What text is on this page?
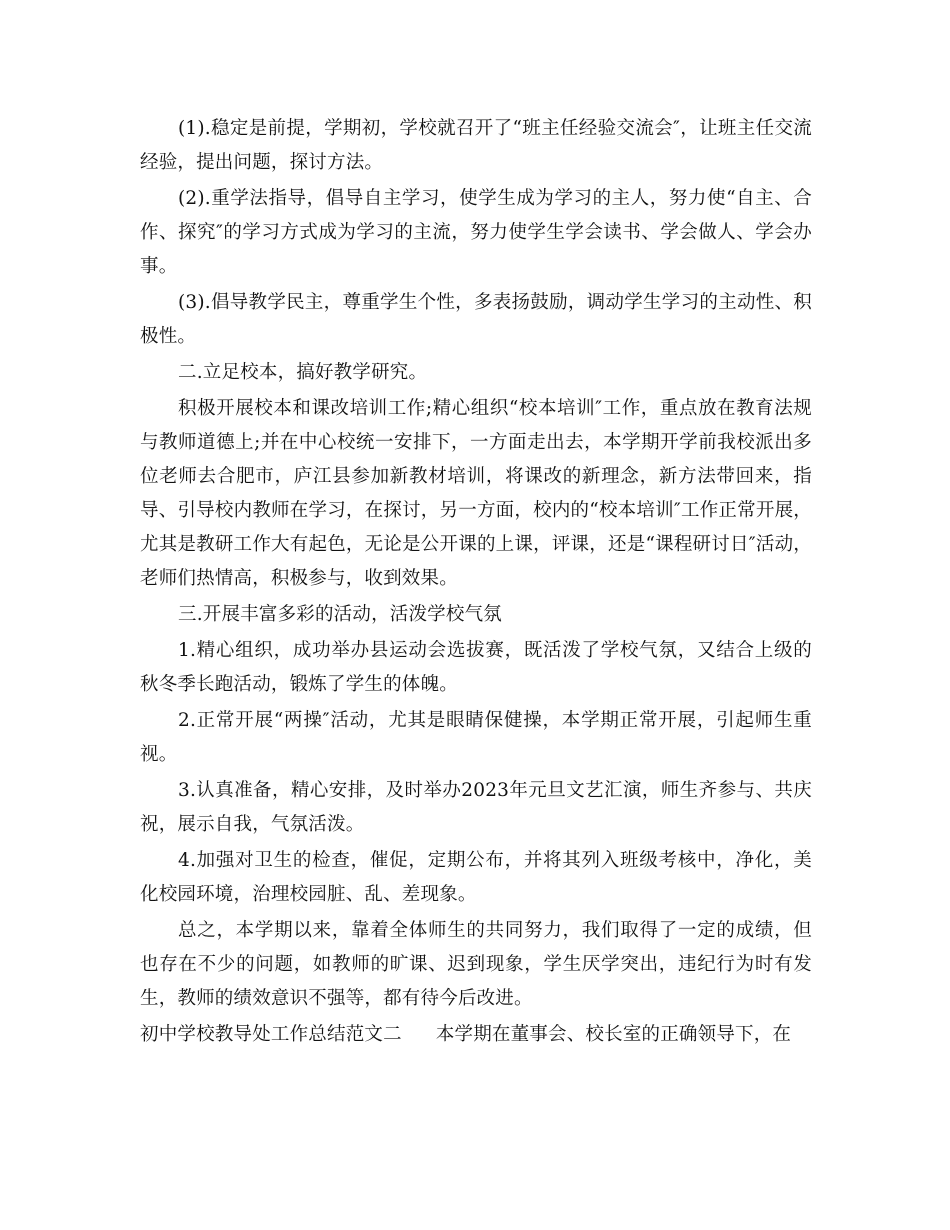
(1).稳定是前提，学期初，学校就召开了“班主任经验交流会″，让班主任交流经验，提出问题，探讨方法。

(2).重学法指导，倡导自主学习，使学生成为学习的主人，努力使“自主、合作、探究″的学习方式成为学习的主流，努力使学生学会读书、学会做人、学会办事。

(3).倡导教学民主，尊重学生个性，多表扬鼓励，调动学生学习的主动性、积极性。

二.立足校本，搞好教学研究。

积极开展校本和课改培训工作;精心组织“校本培训″工作，重点放在教育法规与教师道德上;并在中心校统一安排下，一方面走出去，本学期开学前我校派出多位老师去合肥市，庐江县参加新教材培训，将课改的新理念，新方法带回来，指导、引导校内教师在学习，在探讨，另一方面，校内的“校本培训″工作正常开展，尤其是教研工作大有起色，无论是公开课的上课，评课，还是“课程研讨日″活动，老师们热情高，积极参与，收到效果。

三.开展丰富多彩的活动，活泼学校气氛

1.精心组织，成功举办县运动会选拔赛，既活泼了学校气氛，又结合上级的秋冬季长跑活动，锻炼了学生的体魄。

2.正常开展“两操″活动，尤其是眼睛保健操，本学期正常开展，引起师生重视。

3.认真准备，精心安排，及时举办2023年元旦文艺汇演，师生齐参与、共庆祝，展示自我，气氛活泼。

4.加强对卫生的检查，催促，定期公布，并将其列入班级考核中，净化，美化校园环境，治理校园脏、乱、差现象。

总之，本学期以来，靠着全体师生的共同努力，我们取得了一定的成绩，但也存在不少的问题，如教师的旷课、迟到现象，学生厌学突出，违纪行为时有发生，教师的绩效意识不强等，都有待今后改进。

初中学校教导处工作总结范文二 本学期在董事会、校长室的正确领导下，在
